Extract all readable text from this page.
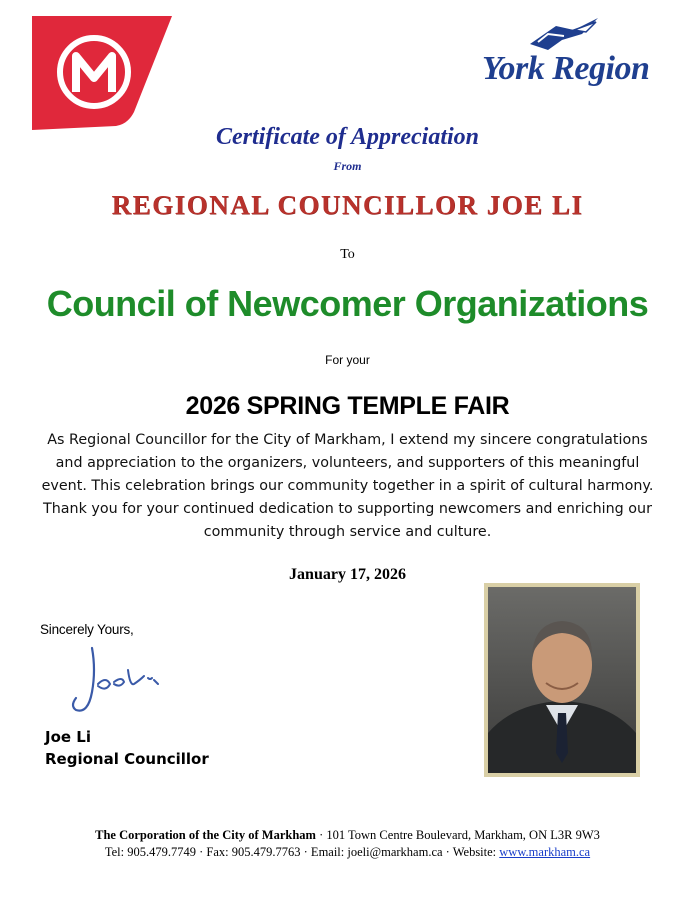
York Region
Certificate of Appreciation
From
REGIONAL COUNCILLOR JOE LI
To
Council of Newcomer Organizations
For your
2026 SPRING TEMPLE FAIR
As Regional Councillor for the City of Markham, I extend my sincere congratulations and appreciation to the organizers, volunteers, and supporters of this meaningful event. This celebration brings our community together in a spirit of cultural harmony. Thank you for your continued dedication to supporting newcomers and enriching our community through service and culture.
January 17, 2026
Sincerely Yours,
Joe Li
Regional Councillor
The Corporation of the City of Markham · 101 Town Centre Boulevard, Markham, ON L3R 9W3
Tel: 905.479.7749 · Fax: 905.479.7763 · Email: joeli@markham.ca · Website: www.markham.ca
